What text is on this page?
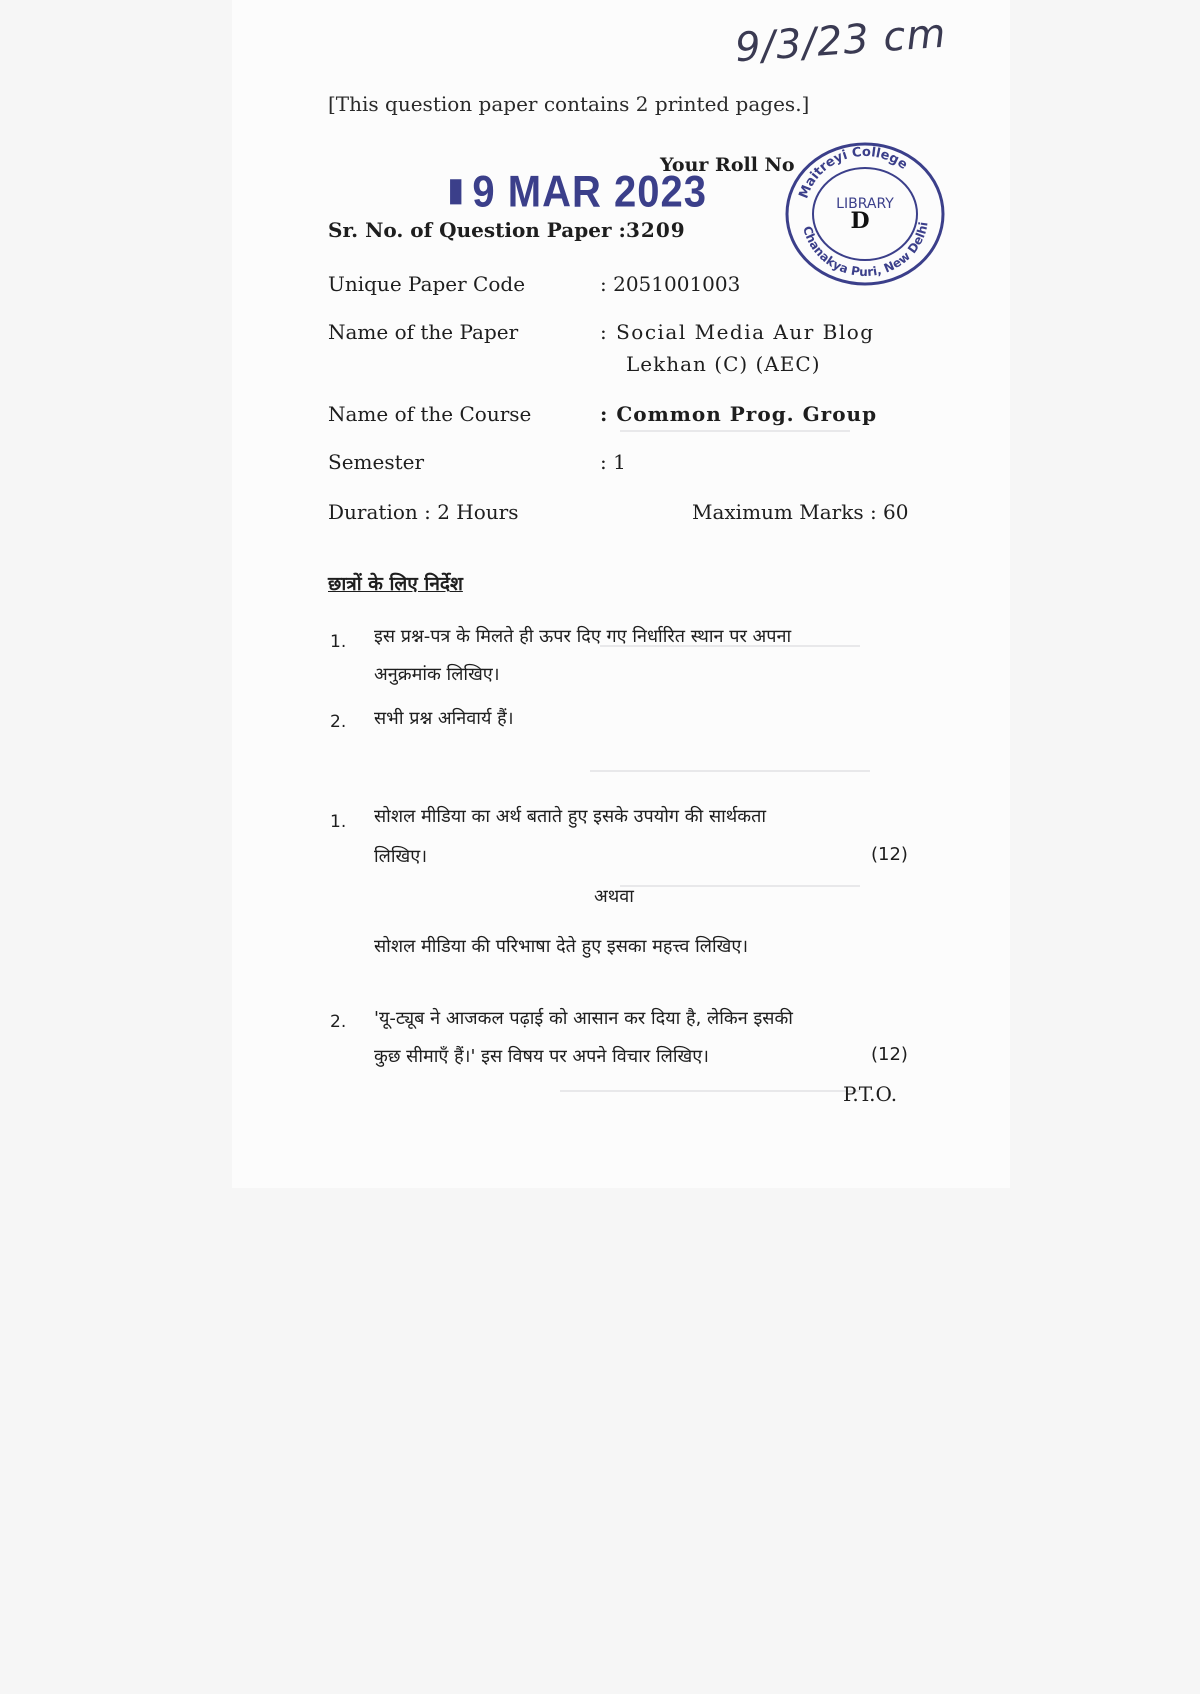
9/3/23 cm
[This question paper contains 2 printed pages.]
▮ 9 MAR 2023
Your Roll No
Maitreyi College
Chanakya Puri, New Delhi
LIBRARY
D
Sr. No. of Question Paper : 3209
Unique Paper Code	: 2051001003
Name of the Paper	: Social Media Aur Blog
Lekhan (C) (AEC)
Name of the Course	: Common Prog. Group
Semester	: 1
Duration : 2 Hours	Maximum Marks : 60
छात्रों के लिए निर्देश
1. इस प्रश्न-पत्र के मिलते ही ऊपर दिए गए निर्धारित स्थान पर अपना
अनुक्रमांक लिखिए।
2. सभी प्रश्न अनिवार्य हैं।
1. सोशल मीडिया का अर्थ बताते हुए इसके उपयोग की सार्थकता
लिखिए।	(12)
अथवा
सोशल मीडिया की परिभाषा देते हुए इसका महत्त्व लिखिए।
2. 'यू-ट्यूब ने आजकल पढ़ाई को आसान कर दिया है, लेकिन इसकी
कुछ सीमाएँ हैं।' इस विषय पर अपने विचार लिखिए।	(12)
P.T.O.
